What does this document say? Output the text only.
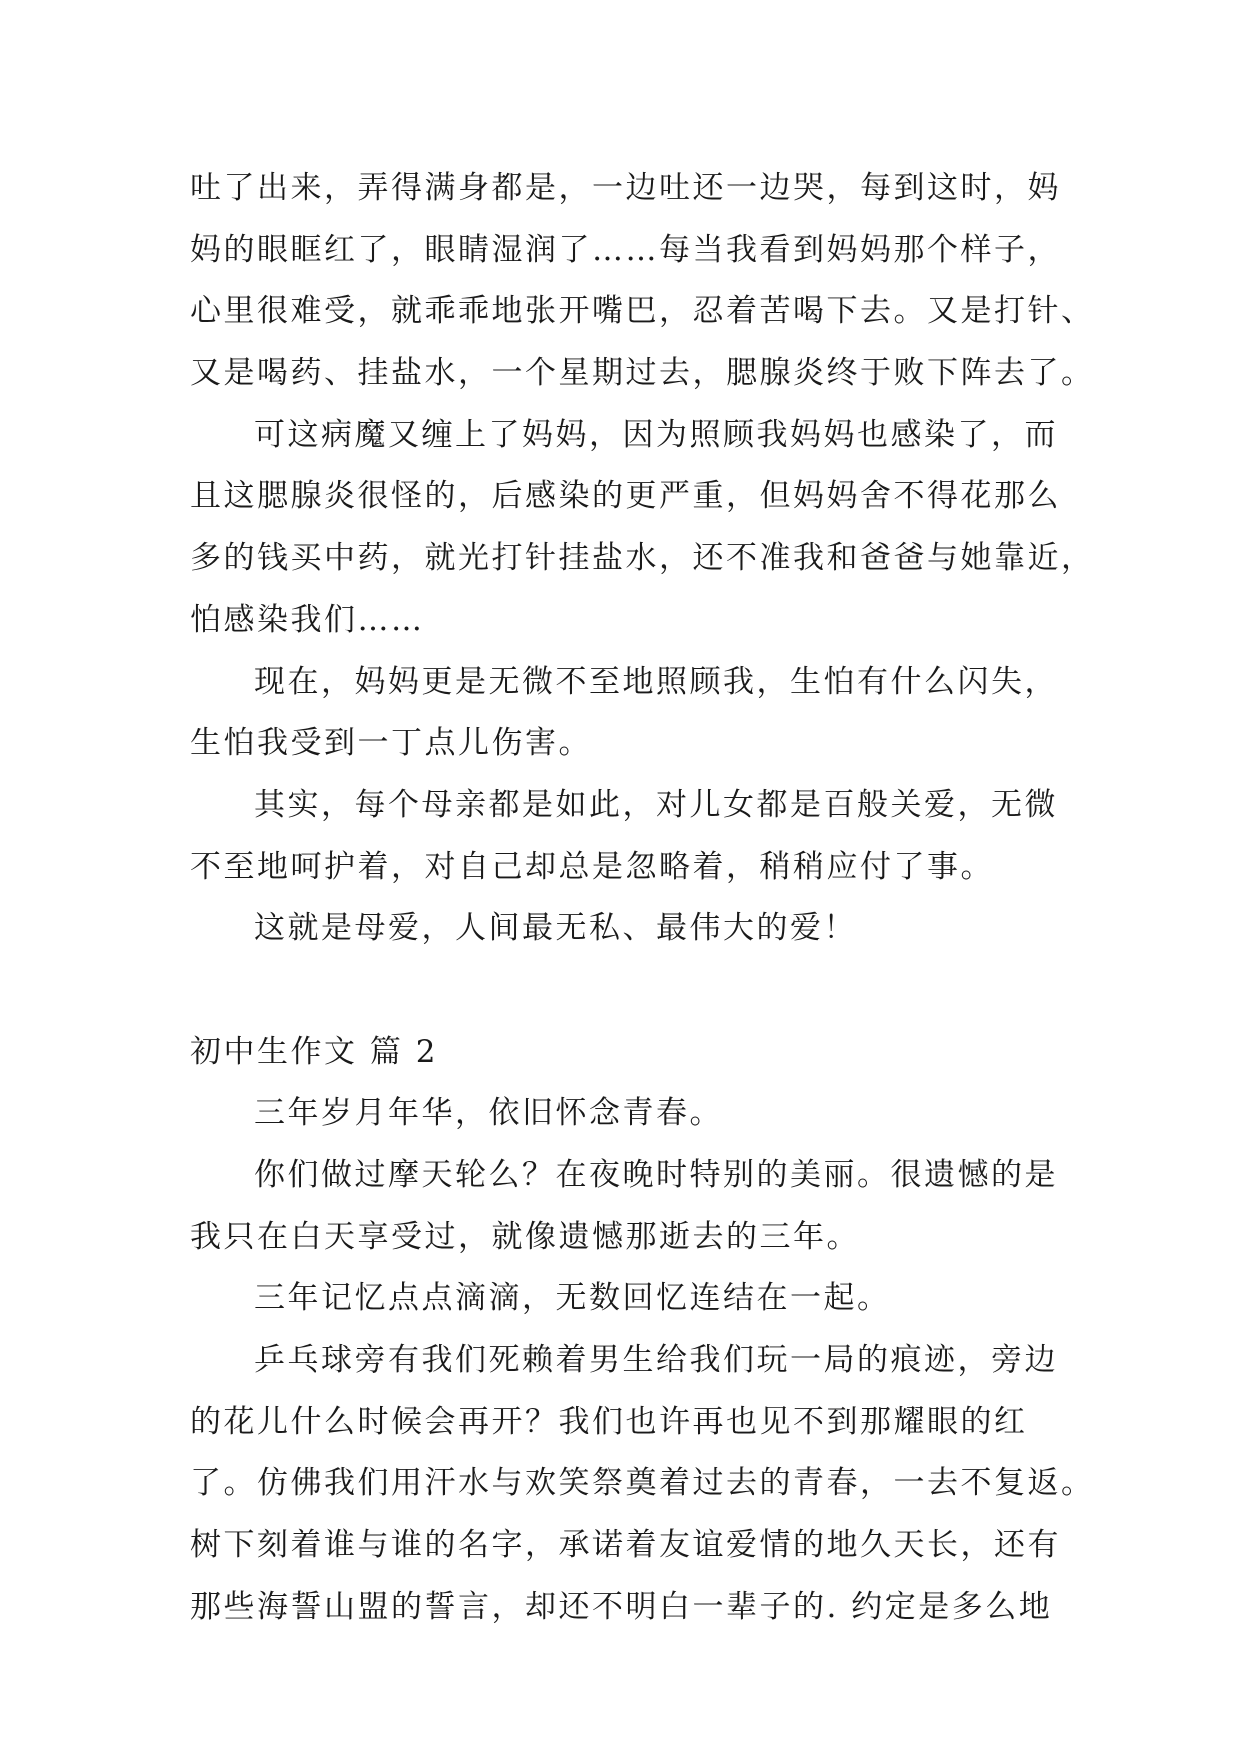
吐了出来，弄得满身都是，一边吐还一边哭，每到这时，妈
妈的眼眶红了，眼睛湿润了……每当我看到妈妈那个样子，
心里很难受，就乖乖地张开嘴巴，忍着苦喝下去。又是打针、
又是喝药、挂盐水，一个星期过去，腮腺炎终于败下阵去了。
可这病魔又缠上了妈妈，因为照顾我妈妈也感染了，而
且这腮腺炎很怪的，后感染的更严重，但妈妈舍不得花那么
多的钱买中药，就光打针挂盐水，还不准我和爸爸与她靠近，
怕感染我们……
现在，妈妈更是无微不至地照顾我，生怕有什么闪失，
生怕我受到一丁点儿伤害。
其实，每个母亲都是如此，对儿女都是百般关爱，无微
不至地呵护着，对自己却总是忽略着，稍稍应付了事。
这就是母爱，人间最无私、最伟大的爱！
初中生作文 篇 2
三年岁月年华，依旧怀念青春。
你们做过摩天轮么？在夜晚时特别的美丽。很遗憾的是
我只在白天享受过，就像遗憾那逝去的三年。
三年记忆点点滴滴，无数回忆连结在一起。
乒乓球旁有我们死赖着男生给我们玩一局的痕迹，旁边
的花儿什么时候会再开？我们也许再也见不到那耀眼的红
了。仿佛我们用汗水与欢笑祭奠着过去的青春，一去不复返。
树下刻着谁与谁的名字，承诺着友谊爱情的地久天长，还有
那些海誓山盟的誓言，却还不明白一辈子的. 约定是多么地
